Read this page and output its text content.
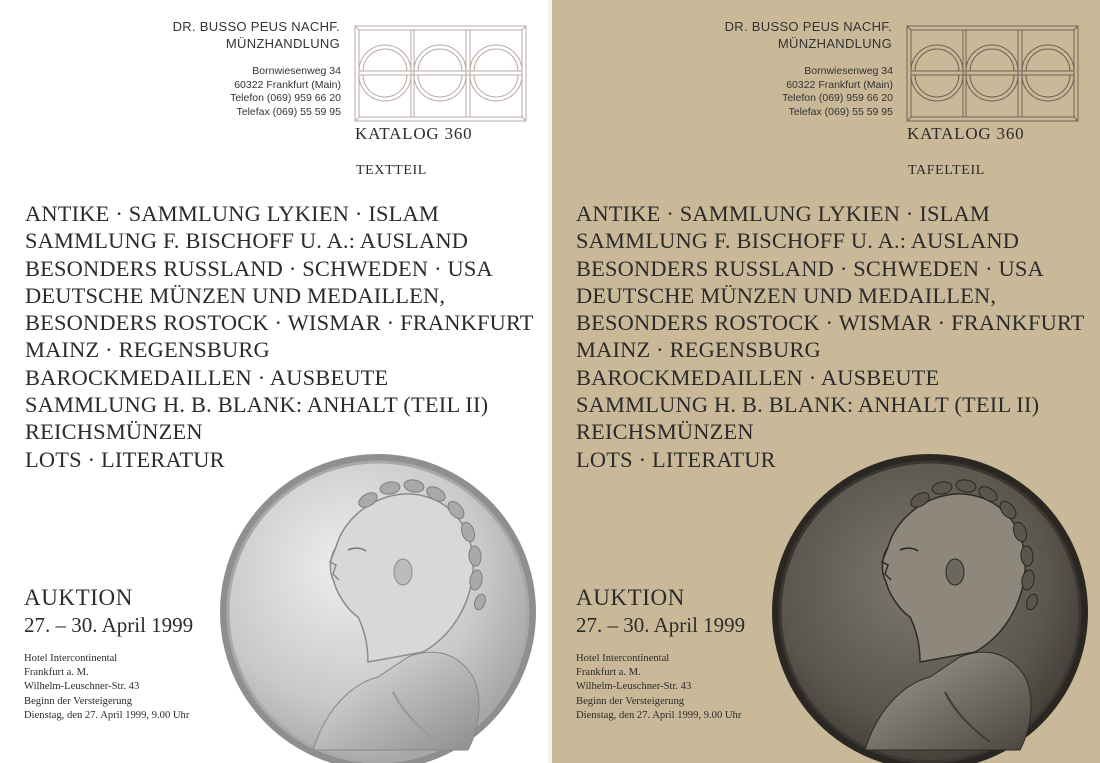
DR. BUSSO PEUS NACHF.
MÜNZHANDLUNG
Bornwiesenweg 34
60322 Frankfurt (Main)
Telefon (069) 959 66 20
Telefax (069) 55 59 95
KATALOG 360
TEXTTEIL
ANTIKE · SAMMLUNG LYKIEN · ISLAM
SAMMLUNG F. BISCHOFF U. A.: AUSLAND
BESONDERS RUSSLAND · SCHWEDEN · USA
DEUTSCHE MÜNZEN UND MEDAILLEN,
BESONDERS ROSTOCK · WISMAR · FRANKFURT
MAINZ · REGENSBURG
BAROCKMEDAILLEN · AUSBEUTE
SAMMLUNG H. B. BLANK: ANHALT (TEIL II)
REICHSMÜNZEN
LOTS · LITERATUR
AUKTION
27. – 30. April 1999
Hotel Intercontinental
Frankfurt a. M.
Wilhelm-Leuschner-Str. 43
Beginn der Versteigerung
Dienstag, den 27. April 1999, 9.00 Uhr
DR. BUSSO PEUS NACHF.
MÜNZHANDLUNG
Bornwiesenweg 34
60322 Frankfurt (Main)
Telefon (069) 959 66 20
Telefax (069) 55 59 95
KATALOG 360
TAFELTEIL
ANTIKE · SAMMLUNG LYKIEN · ISLAM
SAMMLUNG F. BISCHOFF U. A.: AUSLAND
BESONDERS RUSSLAND · SCHWEDEN · USA
DEUTSCHE MÜNZEN UND MEDAILLEN,
BESONDERS ROSTOCK · WISMAR · FRANKFURT
MAINZ · REGENSBURG
BAROCKMEDAILLEN · AUSBEUTE
SAMMLUNG H. B. BLANK: ANHALT (TEIL II)
REICHSMÜNZEN
LOTS · LITERATUR
AUKTION
27. – 30. April 1999
Hotel Intercontinental
Frankfurt a. M.
Wilhelm-Leuschner-Str. 43
Beginn der Versteigerung
Dienstag, den 27. April 1999, 9.00 Uhr
